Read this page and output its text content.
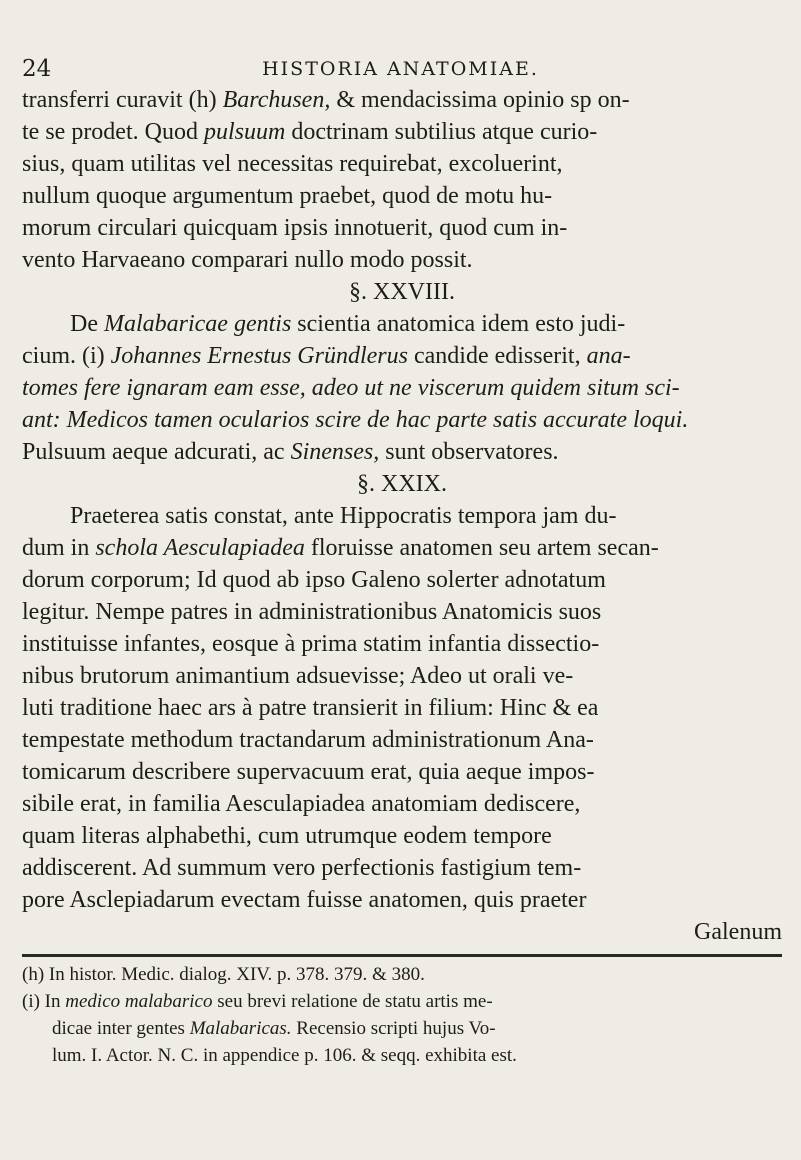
24	HISTORIA ANATOMIAE.
transferri curavit (h) Barchusen, & mendacissima opinio sp on-
te se prodet. Quod pulsuum doctrinam subtilius atque curio-
sius, quam utilitas vel necessitas requirebat, excoluerint,
nullum quoque argumentum praebet, quod de motu hu-
morum circulari quicquam ipsis innotuerit, quod cum in-
vento Harvaeano comparari nullo modo possit.
§. XXVIII.
De Malabaricae gentis scientia anatomica idem esto judi-
cium. (i) Johannes Ernestus Gründlerus candide edisserit, ana-
tomes fere ignaram eam esse, adeo ut ne viscerum quidem situm sci-
ant: Medicos tamen ocularios scire de hac parte satis accurate loqui.
Pulsuum aeque adcurati, ac Sinenses, sunt observatores.
§. XXIX.
Praeterea satis constat, ante Hippocratis tempora jam du-
dum in schola Aesculapiadea floruisse anatomen seu artem secan-
dorum corporum; Id quod ab ipso Galeno solerter adnotatum
legitur. Nempe patres in administrationibus Anatomicis suos
instituisse infantes, eosque à prima statim infantia dissectio-
nibus brutorum animantium adsuevisse; Adeo ut orali ve-
luti traditione haec ars à patre transierit in filium: Hinc & ea
tempestate methodum tractandarum administrationum Ana-
tomicarum describere supervacuum erat, quia aeque impos-
sibile erat, in familia Aesculapiadea anatomiam dediscere,
quam literas alphabethi, cum utrumque eodem tempore
addiscerent. Ad summum vero perfectionis fastigium tem-
pore Asclepiadarum evectam fuisse anatomen, quis praeter
Galenum
(h) In histor. Medic. dialog. XIV. p. 378. 379. & 380.
(i) In medico malabarico seu brevi relatione de statu artis me-
dicae inter gentes Malabaricas. Recensio scripti hujus Vo-
lum. I. Actor. N. C. in appendice p. 106. & seqq. exhibita est.
